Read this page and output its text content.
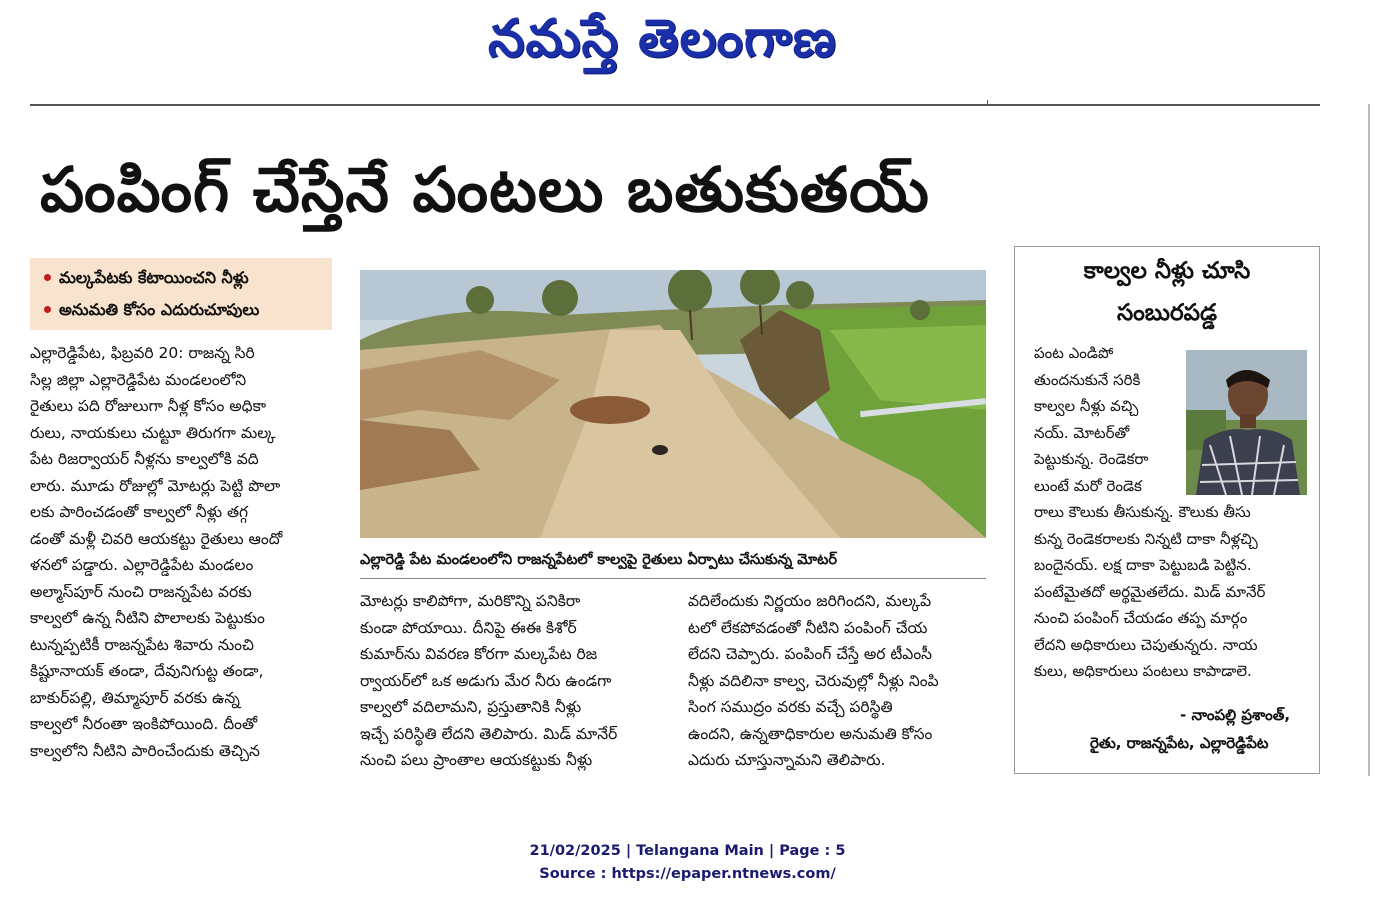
నమస్తే తెలంగాణ
పంపింగ్ చేస్తేనే పంటలు బతుకుతయ్
మల్కపేటకు కేటాయించని నీళ్లు
అనుమతి కోసం ఎదురుచూపులు

ఎల్లారెడ్డిపేట, ఫిబ్రవరి 20: రాజన్న సిరి

సిల్ల జిల్లా ఎల్లారెడ్డిపేట మండలంలోని

రైతులు పది రోజులుగా నీళ్ల కోసం అధికా

రులు, నాయకులు చుట్టూ తిరుగగా మల్క

పేట రిజర్వాయర్ నీళ్లను కాల్వలోకి వది

లారు. మూడు రోజుల్లో మోటర్లు పెట్టి పొలా

లకు పారించడంతో కాల్వలో నీళ్లు తగ్గ

డంతో మళ్లీ చివరి ఆయకట్టు రైతులు ఆందో

ళనలో పడ్డారు. ఎల్లారెడ్డిపేట మండలం

అల్మాస్‌పూర్ నుంచి రాజన్నపేట వరకు

కాల్వలో ఉన్న నీటిని పొలాలకు పెట్టుకుం

టున్నప్పటికీ రాజన్నపేట శివారు నుంచి

కిష్టూనాయక్ తండా, దేవునిగుట్ట తండా,

బాకుర్‌పల్లి, తిమ్మాపూర్ వరకు ఉన్న

కాల్వలో నీరంతా ఇంకిపోయింది. దీంతో

కాల్వలోని నీటిని పారించేందుకు తెచ్చిన

ఎల్లారెడ్డి పేట మండలంలోని రాజన్నపేటలో కాల్వపై రైతులు ఏర్పాటు చేసుకున్న మోటర్

మోటర్లు కాలిపోగా, మరికొన్ని పనికిరా

కుండా పోయాయి. దీనిపై ఈఈ కిశోర్

కుమార్‌ను వివరణ కోరగా మల్కపేట రిజ

ర్వాయర్‌లో ఒక అడుగు మేర నీరు ఉండగా

కాల్వలో వదిలామని, ప్రస్తుతానికి నీళ్లు

ఇచ్చే పరిస్థితి లేదని తెలిపారు. మిడ్ మానేర్

నుంచి పలు ప్రాంతాల ఆయకట్టుకు నీళ్లు

వదిలేందుకు నిర్ణయం జరిగిందని, మల్కపే

టలో లేకపోవడంతో నీటిని పంపింగ్ చేయ

లేదని చెప్పారు. పంపింగ్ చేస్తే అర టీఎంసీ

నీళ్లు వదిలినా కాల్వ, చెరువుల్లో నీళ్లు నింపి

సింగ సముద్రం వరకు వచ్చే పరిస్థితి

ఉందని, ఉన్నతాధికారుల అనుమతి కోసం

ఎదురు చూస్తున్నామని తెలిపారు.

కాల్వల నీళ్లు చూసి
సంబురపడ్డ

పంట ఎండిపో

తుందనుకునే సరికి

కాల్వల నీళ్లు వచ్చి

నయ్. మోటర్‌తో

పెట్టుకున్న. రెండెకరా

లుంటే మరో రెండెక

రాలు కౌలుకు తీసుకున్న. కౌలుకు తీసు

కున్న రెండెకరాలకు నిన్నటి దాకా నీళ్లచ్చి

బందైనయ్. లక్ష దాకా పెట్టుబడి పెట్టిన.

పంటేమైతదో అర్థమైతలేదు. మిడ్ మానేర్

నుంచి పంపింగ్ చేయడం తప్ప మార్గం

లేదని అధికారులు చెపుతున్నరు. నాయ

కులు, అధికారులు పంటలు కాపాడాలె.

- నాంపల్లి ప్రశాంత్,
రైతు, రాజన్నపేట, ఎల్లారెడ్డిపేట
21/02/2025 | Telangana Main | Page : 5
Source : https://epaper.ntnews.com/
